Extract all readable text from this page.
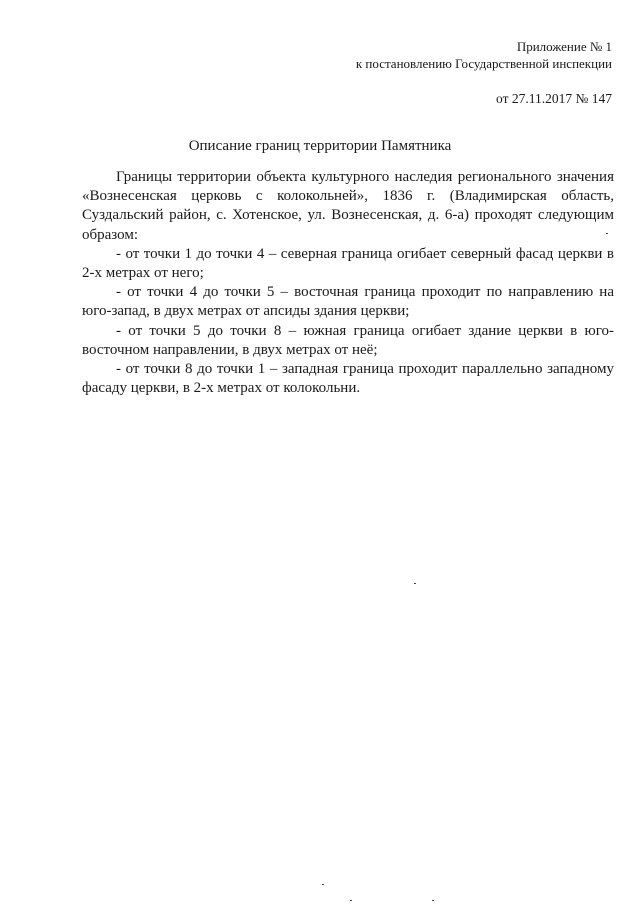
Приложение № 1
к постановлению Государственной инспекции
от 27.11.2017 № 147
Описание границ территории Памятника

Границы территории объекта культурного наследия регионального значения «Вознесенская церковь с колокольней», 1836 г. (Владимирская область, Суздальский район, с. Хотенское, ул. Вознесенская, д. 6-а) проходят следующим образом:

- от точки 1 до точки 4 – северная граница огибает северный фасад церкви в 2-х метрах от него;

- от точки 4 до точки 5 – восточная граница проходит по направлению на юго-запад, в двух метрах от апсиды здания церкви;

- от точки 5 до точки 8 – южная граница огибает здание церкви в юго-восточном направлении, в двух метрах от неё;

- от точки 8 до точки 1 – западная граница проходит параллельно западному фасаду церкви, в 2-х метрах от колокольни.
